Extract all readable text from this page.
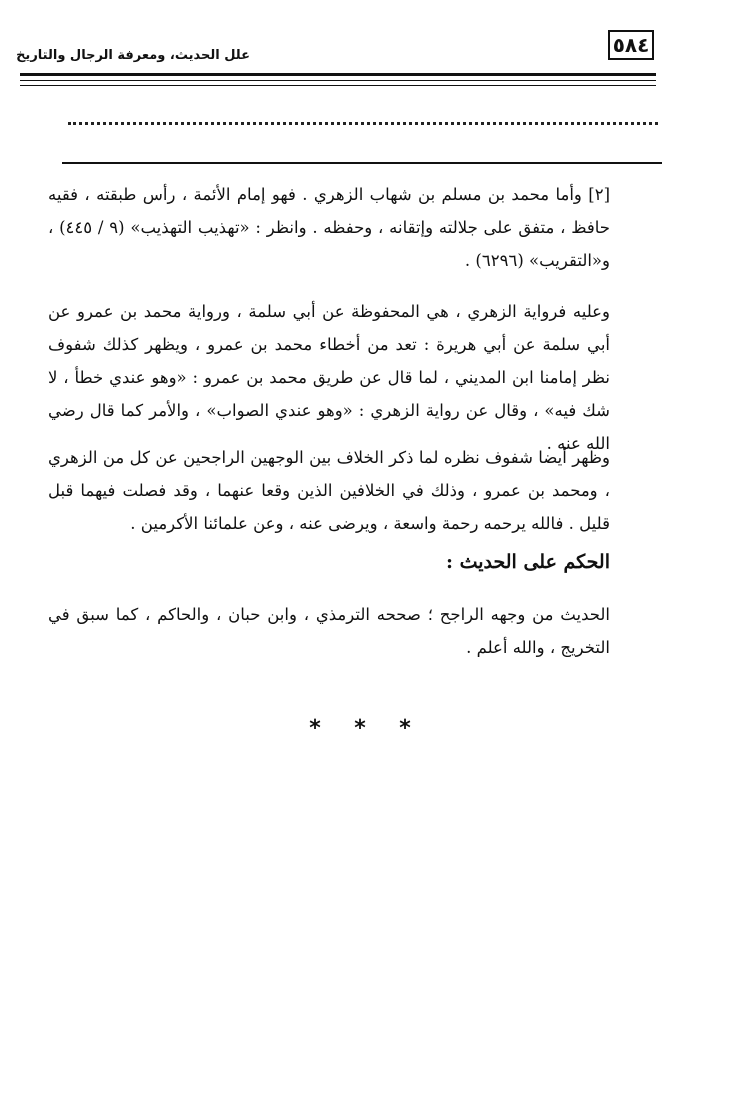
٥٨٤
علل الحديث، ومعرفة الرجال والتاريخ
[٢] وأما محمد بن مسلم بن شهاب الزهري . فهو إمام الأئمة ، رأس طبقته ، فقيه حافظ ، متفق على جلالته وإتقانه ، وحفظه . وانظر : «تهذيب التهذيب» (٩ / ٤٤٥) ، و«التقريب» (٦٢٩٦) .
وعليه فرواية الزهري ، هي المحفوظة عن أبي سلمة ، ورواية محمد بن عمرو عن أبي سلمة عن أبي هريرة : تعد من أخطاء محمد بن عمرو ، ويظهر كذلك شفوف نظر إمامنا ابن المديني ، لما قال عن طريق محمد بن عمرو : «وهو عندي خطأ ، لا شك فيه» ، وقال عن رواية الزهري : «وهو عندي الصواب» ، والأمر كما قال رضي الله عنه .
وظهر أيضا شفوف نظره لما ذكر الخلاف بين الوجهين الراجحين عن كل من الزهري ، ومحمد بن عمرو ، وذلك في الخلافين الذين وقعا عنهما ، وقد فصلت فيهما قبل قليل . فالله يرحمه رحمة واسعة ، ويرضى عنه ، وعن علمائنا الأكرمين .
الحكم على الحديث :
الحديث من وجهه الراجح ؛ صححه الترمذي ، وابن حبان ، والحاكم ، كما سبق في التخريج ، والله أعلم .
*	*	*
